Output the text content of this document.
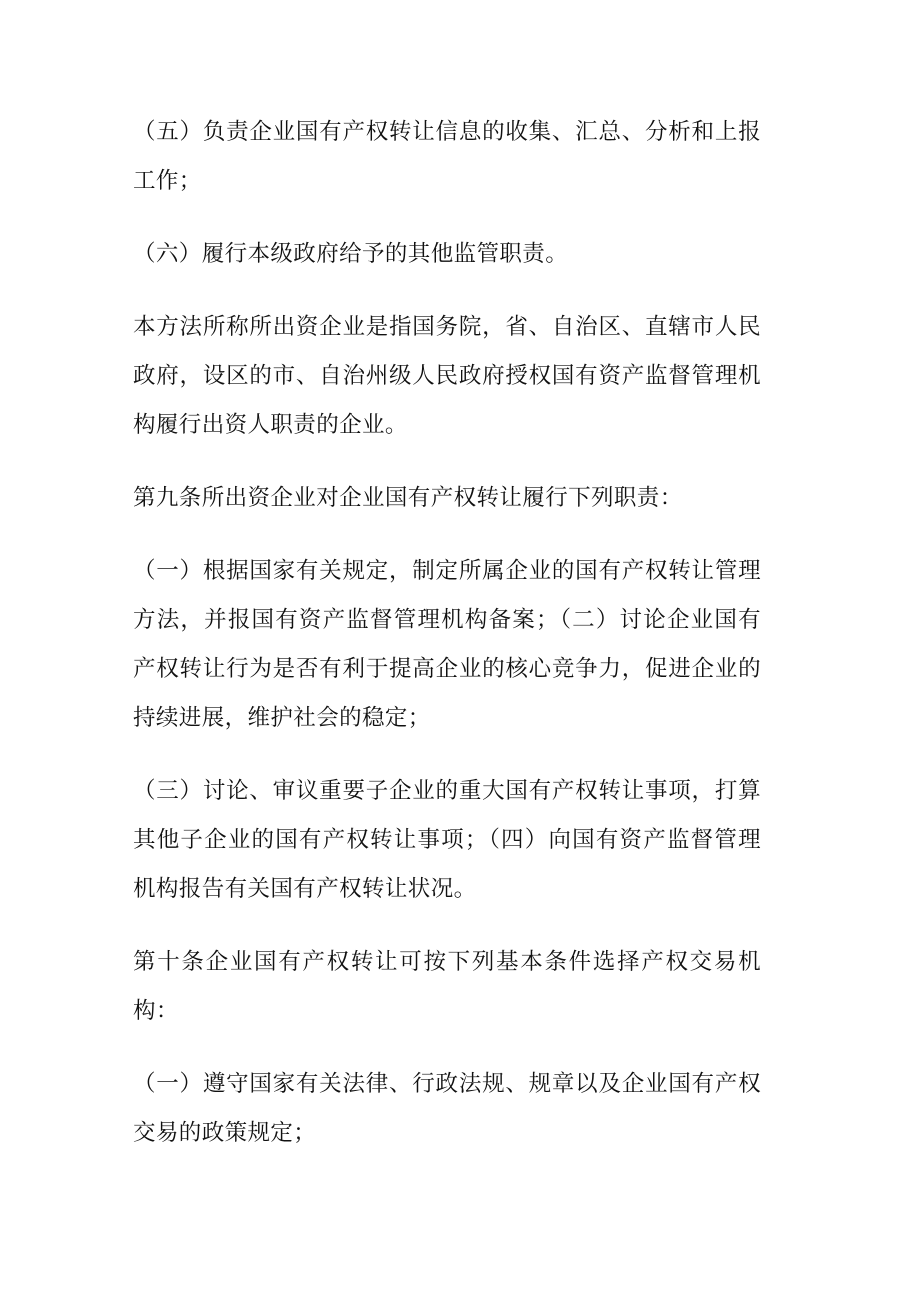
（五）负责企业国有产权转让信息的收集、汇总、分析和上报工作；

（六）履行本级政府给予的其他监管职责。

本方法所称所出资企业是指国务院，省、自治区、直辖市人民政府，设区的市、自治州级人民政府授权国有资产监督管理机构履行出资人职责的企业。

第九条所出资企业对企业国有产权转让履行下列职责：

（一）根据国家有关规定，制定所属企业的国有产权转让管理方法，并报国有资产监督管理机构备案；（二）讨论企业国有产权转让行为是否有利于提高企业的核心竞争力，促进企业的持续进展，维护社会的稳定；

（三）讨论、审议重要子企业的重大国有产权转让事项，打算其他子企业的国有产权转让事项；（四）向国有资产监督管理机构报告有关国有产权转让状况。

第十条企业国有产权转让可按下列基本条件选择产权交易机构：

（一）遵守国家有关法律、行政法规、规章以及企业国有产权交易的政策规定；
